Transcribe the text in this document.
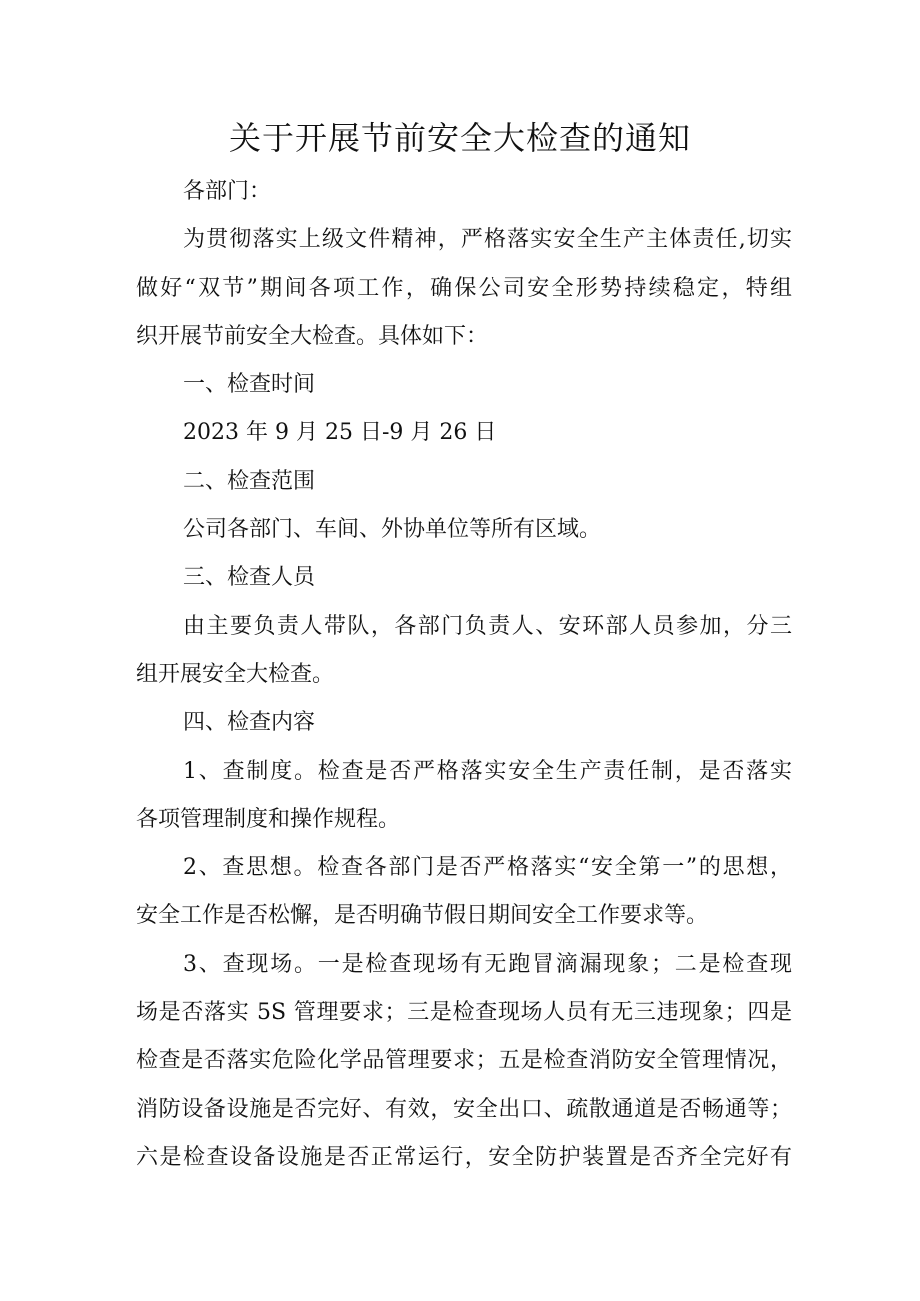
关于开展节前安全大检查的通知
各部门：
为贯彻落实上级文件精神，严格落实安全生产主体责任,切实
做好“双节”期间各项工作，确保公司安全形势持续稳定，特组
织开展节前安全大检查。具体如下：
一、检查时间
2023 年 9 月 25 日-9 月 26 日
二、检查范围
公司各部门、车间、外协单位等所有区域。
三、检查人员
由主要负责人带队，各部门负责人、安环部人员参加，分三
组开展安全大检查。
四、检查内容
1、查制度。检查是否严格落实安全生产责任制，是否落实
各项管理制度和操作规程。
2、查思想。检查各部门是否严格落实“安全第一”的思想，
安全工作是否松懈，是否明确节假日期间安全工作要求等。
3、查现场。一是检查现场有无跑冒滴漏现象；二是检查现
场是否落实 5S 管理要求；三是检查现场人员有无三违现象；四是
检查是否落实危险化学品管理要求；五是检查消防安全管理情况，
消防设备设施是否完好、有效，安全出口、疏散通道是否畅通等；
六是检查设备设施是否正常运行，安全防护装置是否齐全完好有
